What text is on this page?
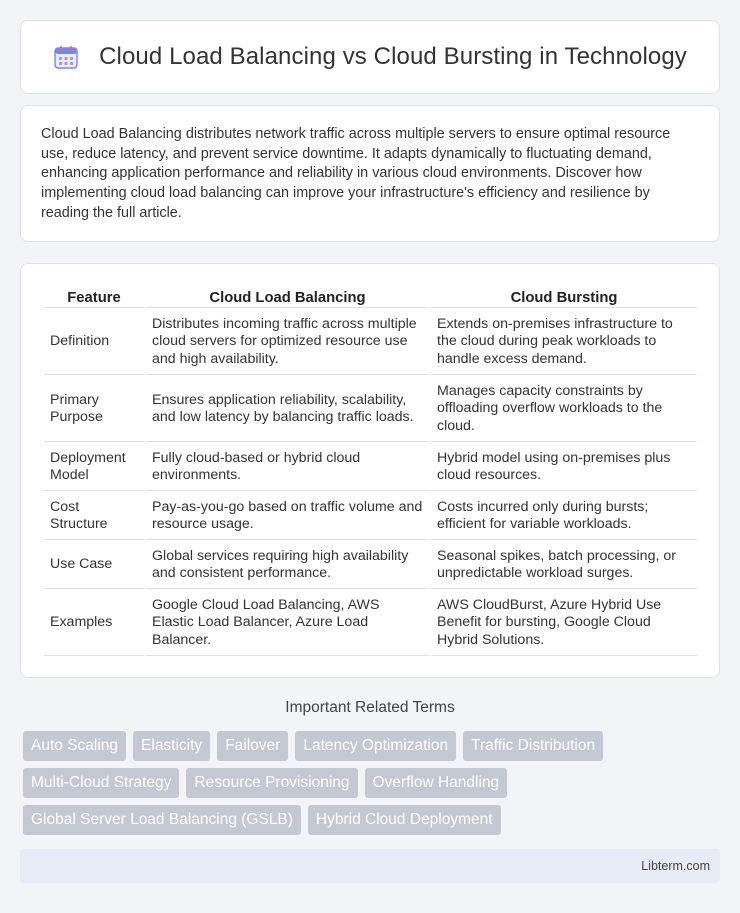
Cloud Load Balancing vs Cloud Bursting in Technology

Cloud Load Balancing distributes network traffic across multiple servers to ensure optimal resource use, reduce latency, and prevent service downtime. It adapts dynamically to fluctuating demand, enhancing application performance and reliability in various cloud environments. Discover how implementing cloud load balancing can improve your infrastructure's efficiency and resilience by reading the full article.

Feature	Cloud Load Balancing	Cloud Bursting
Definition	Distributes incoming traffic across multiple cloud servers for optimized resource use and high availability.	Extends on-premises infrastructure to the cloud during peak workloads to handle excess demand.
Primary Purpose	Ensures application reliability, scalability, and low latency by balancing traffic loads.	Manages capacity constraints by offloading overflow workloads to the cloud.
Deployment Model	Fully cloud-based or hybrid cloud environments.	Hybrid model using on-premises plus cloud resources.
Cost Structure	Pay-as-you-go based on traffic volume and resource usage.	Costs incurred only during bursts; efficient for variable workloads.
Use Case	Global services requiring high availability and consistent performance.	Seasonal spikes, batch processing, or unpredictable workload surges.
Examples	Google Cloud Load Balancing, AWS Elastic Load Balancer, Azure Load Balancer.	AWS CloudBurst, Azure Hybrid Use Benefit for bursting, Google Cloud Hybrid Solutions.
Important Related Terms
Auto Scaling	Elasticity	Failover	Latency Optimization	Traffic Distribution
Multi-Cloud Strategy	Resource Provisioning	Overflow Handling
Global Server Load Balancing (GSLB)	Hybrid Cloud Deployment
Libterm.com
